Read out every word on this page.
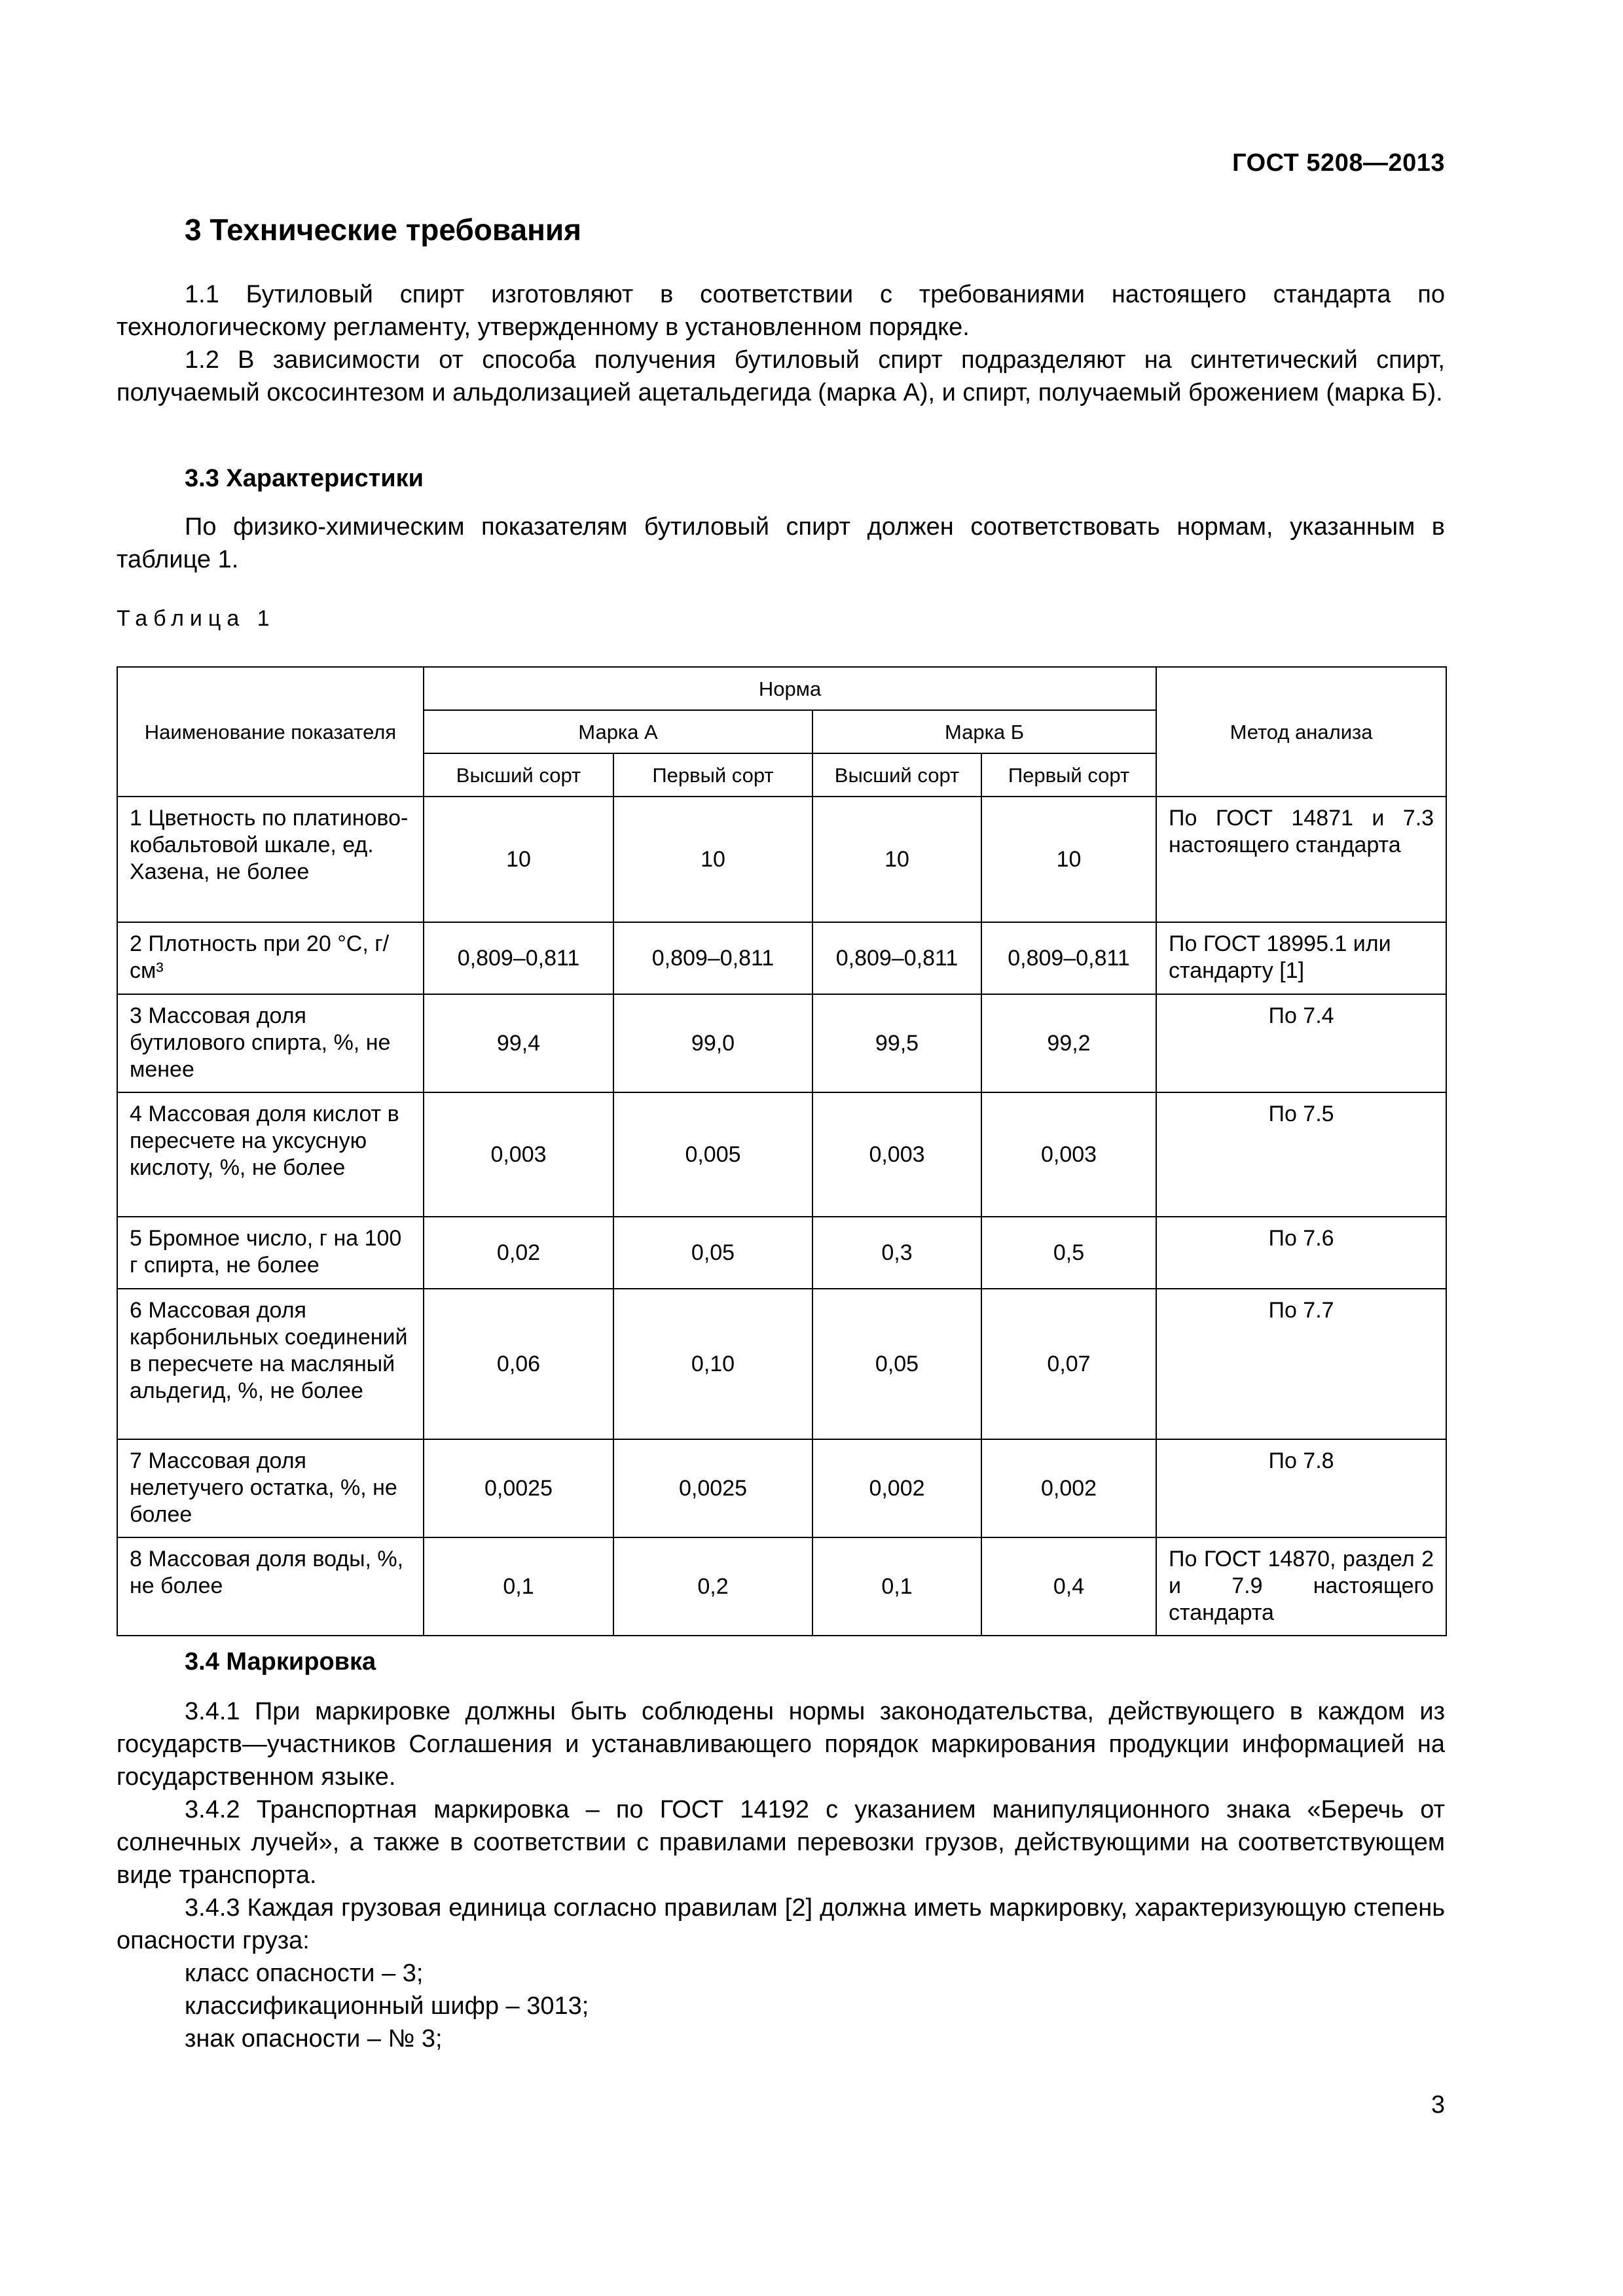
ГОСТ 5208—2013
3 Технические требования

1.1 Бутиловый спирт изготовляют в соответствии с требованиями настоящего стандарта по технологическому регламенту, утвержденному в установленном порядке.

1.2 В зависимости от способа получения бутиловый спирт подразделяют на синтетический спирт, получаемый оксосинтезом и альдолизацией ацетальдегида (марка А), и спирт, получаемый брожением (марка Б).

3.3 Характеристики

По физико-химическим показателям бутиловый спирт должен соответствовать нормам, указанным в таблице 1.

Таблица 1
Наименование показателя	Норма				Метод анализа
	Марка А		Марка Б		
	Высший сорт	Первый сорт	Высший сорт	Первый сорт	
1 Цветность по платиново-кобальтовой шкале, ед. Хазена, не более	10	10	10	10	По ГОСТ 14871 и 7.3 настоящего стандарта
2 Плотность при 20 °С, г/см³	0,809–0,811	0,809–0,811	0,809–0,811	0,809–0,811	По ГОСТ 18995.1 или стандарту [1]
3 Массовая доля бутилового спирта, %, не менее	99,4	99,0	99,5	99,2	По 7.4
4 Массовая доля кислот в пересчете на уксусную кислоту, %, не более	0,003	0,005	0,003	0,003	По 7.5
5 Бромное число, г на 100 г спирта, не более	0,02	0,05	0,3	0,5	По 7.6
6 Массовая доля карбонильных соединений в пересчете на масляный альдегид, %, не более	0,06	0,10	0,05	0,07	По 7.7
7 Массовая доля нелетучего остатка, %, не более	0,0025	0,0025	0,002	0,002	По 7.8
8 Массовая доля воды, %, не более	0,1	0,2	0,1	0,4	По ГОСТ 14870, раздел 2 и 7.9 настоящего стандарта
3.4 Маркировка

3.4.1 При маркировке должны быть соблюдены нормы законодательства, действующего в каждом из государств—участников Соглашения и устанавливающего порядок маркирования продукции информацией на государственном языке.

3.4.2 Транспортная маркировка – по ГОСТ 14192 с указанием манипуляционного знака «Беречь от солнечных лучей», а также в соответствии с правилами перевозки грузов, действующими на соответствующем виде транспорта.

3.4.3 Каждая грузовая единица согласно правилам [2] должна иметь маркировку, характеризующую степень опасности груза:

класс опасности – 3;
классификационный шифр – 3013;
знак опасности – № 3;

3
